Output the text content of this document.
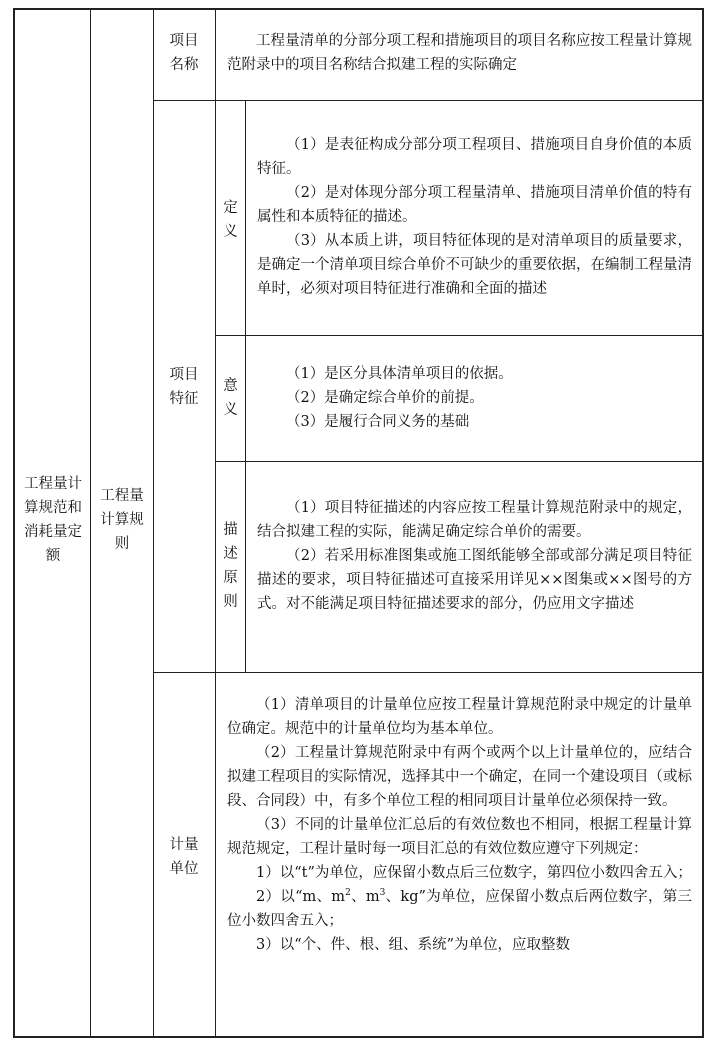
工程量计算规范和消耗量定额
工程量计算规则
项目名称

工程量清单的分部分项工程和措施项目的项目名称应按工程量计算规范附录中的项目名称结合拟建工程的实际确定

项目特征
定义

（1）是表征构成分部分项工程项目、措施项目自身价值的本质特征。

（2）是对体现分部分项工程量清单、措施项目清单价值的特有属性和本质特征的描述。

（3）从本质上讲，项目特征体现的是对清单项目的质量要求，是确定一个清单项目综合单价不可缺少的重要依据，在编制工程量清单时，必须对项目特征进行准确和全面的描述

意义

（1）是区分具体清单项目的依据。

（2）是确定综合单价的前提。

（3）是履行合同义务的基础

描述原则

（1）项目特征描述的内容应按工程量计算规范附录中的规定，结合拟建工程的实际，能满足确定综合单价的需要。

（2）若采用标准图集或施工图纸能够全部或部分满足项目特征描述的要求，项目特征描述可直接采用详见××图集或××图号的方式。对不能满足项目特征描述要求的部分，仍应用文字描述

计量单位

（1）清单项目的计量单位应按工程量计算规范附录中规定的计量单位确定。规范中的计量单位均为基本单位。

（2）工程量计算规范附录中有两个或两个以上计量单位的，应结合拟建工程项目的实际情况，选择其中一个确定，在同一个建设项目（或标段、合同段）中，有多个单位工程的相同项目计量单位必须保持一致。

（3）不同的计量单位汇总后的有效位数也不相同，根据工程量计算规范规定，工程计量时每一项目汇总的有效位数应遵守下列规定：

1）以“t”为单位，应保留小数点后三位数字，第四位小数四舍五入；

2）以“m、$m^2$、$m^3$、kg”为单位，应保留小数点后两位数字，第三位小数四舍五入；

3）以“个、件、根、组、系统”为单位，应取整数
